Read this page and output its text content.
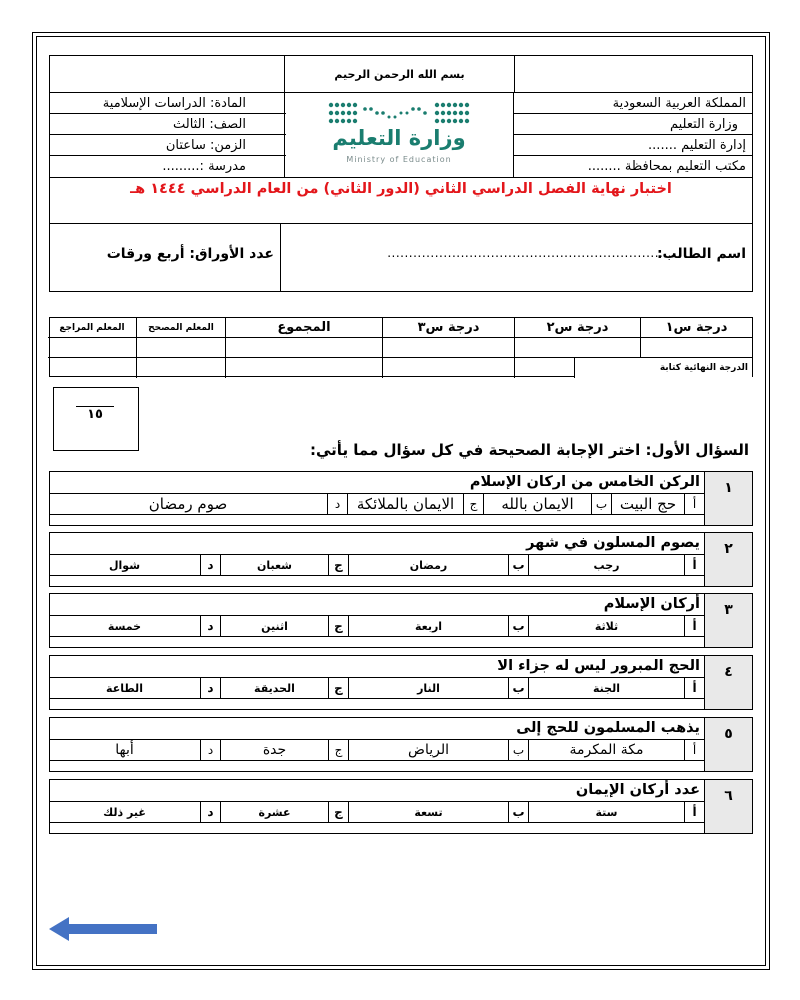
بسم الله الرحمن الرحيم
المملكة العربية السعودية
وزارة التعليم
إدارة التعليم .......
مكتب التعليم بمحافظة ........
وزارة التعليم
Ministry of Education
المادة: الدراسات الإسلامية
الصف: الثالث
الزمن: ساعتان
مدرسة :.........
اختبار نهاية الفصل الدراسي الثاني (الدور الثاني) من العام الدراسي ١٤٤٤ هـ
اسم الطالب:
..................................................................
عدد الأوراق: أربع ورقات
درجة س١
درجة س٢
درجة س٣
المجموع
المعلم المصحح
المعلم المراجع
الدرجة النهائية كتابة
١٥
السؤال الأول: اختر الإجابة الصحيحة في كل سؤال مما يأتي:
١
الركن الخامس من اركان الإسلام
أ
حج البيت
ب
الايمان بالله
ج
الايمان بالملائكة
د
صوم رمضان
٢
يصوم المسلون في شهر
أ
رجب
ب
رمضان
ج
شعبان
د
شوال
٣
أركان الإسلام
أ
ثلاثة
ب
اربعة
ج
اثنين
د
خمسة
٤
الحج المبرور ليس له جزاء الا
أ
الجنة
ب
النار
ج
الحديقة
د
الطاعة
٥
يذهب المسلمون للحج إلى
أ
مكة المكرمة
ب
الرياض
ج
جدة
د
أبها
٦
عدد أركان الإيمان
أ
ستة
ب
تسعة
ج
عشرة
د
غير ذلك
